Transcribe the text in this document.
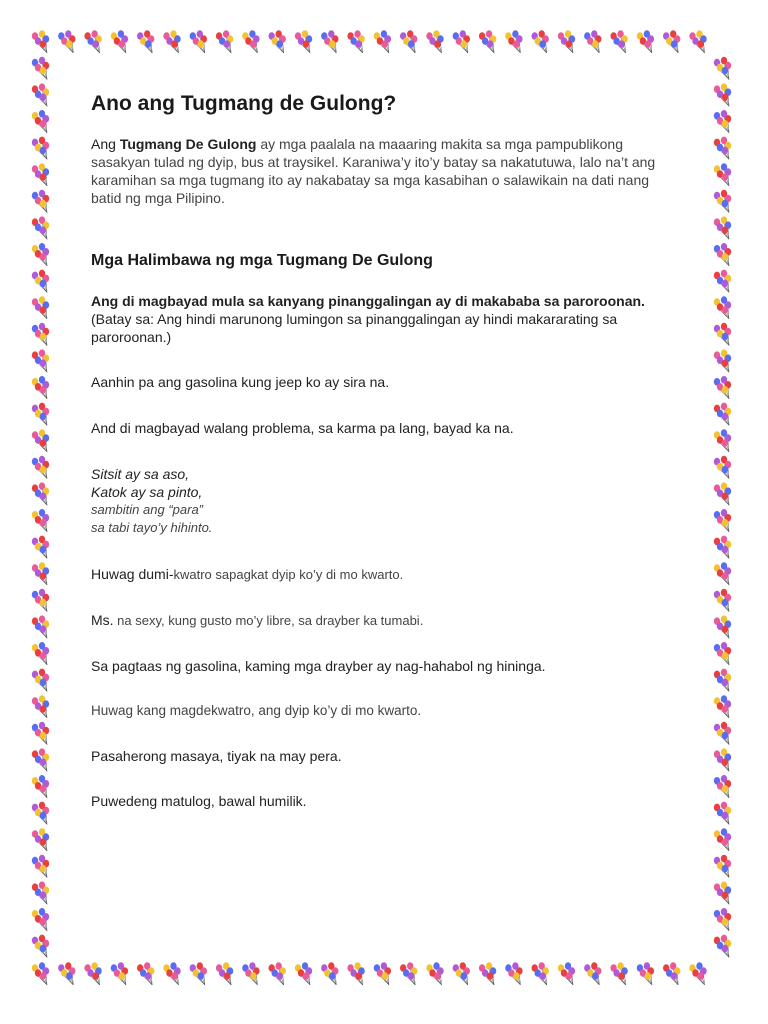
Ano ang Tugmang de Gulong?

Ang Tugmang De Gulong ay mga paalala na maaaring makita sa mga pampublikong sasakyan tulad ng dyip, bus at traysikel. Karaniwa’y ito’y batay sa nakatutuwa, lalo na’t ang karamihan sa mga tugmang ito ay nakabatay sa mga kasabihan o salawikain na dati nang batid ng mga Pilipino.

Mga Halimbawa ng mga Tugmang De Gulong

Ang di magbayad mula sa kanyang pinanggalingan ay di makababa sa paroroonan. (Batay sa: Ang hindi marunong lumingon sa pinanggalingan ay hindi makararating sa paroroonan.)

Aanhin pa ang gasolina kung jeep ko ay sira na.

And di magbayad walang problema, sa karma pa lang, bayad ka na.

Sitsit ay sa aso,

Katok ay sa pinto,

sambitin ang “para”

sa tabi tayo’y hihinto.

Huwag dumi-kwatro sapagkat dyip ko’y di mo kwarto.

Ms. na sexy, kung gusto mo’y libre, sa drayber ka tumabi.

Sa pagtaas ng gasolina, kaming mga drayber ay nag-hahabol ng hininga.

Huwag kang magdekwatro, ang dyip ko’y di mo kwarto.

Pasaherong masaya, tiyak na may pera.

Puwedeng matulog, bawal humilik.
